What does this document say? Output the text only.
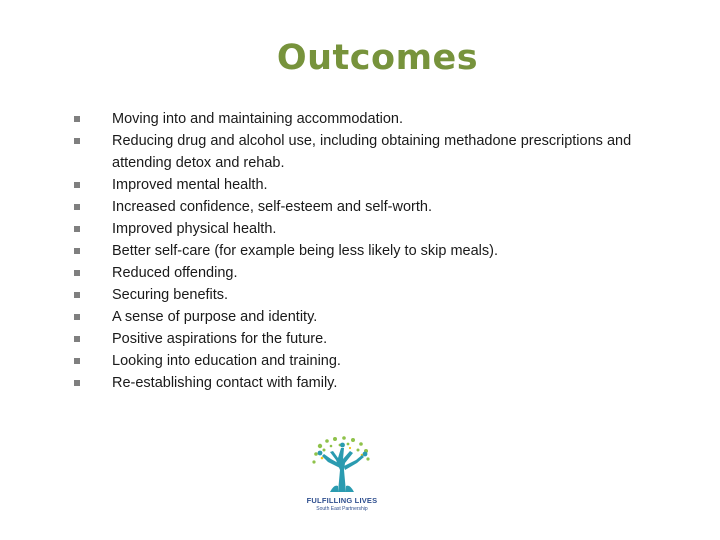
Outcomes
Moving into and maintaining accommodation.
Reducing drug and alcohol use, including obtaining methadone prescriptions and attending detox and rehab.
Improved mental health.
Increased confidence, self-esteem and self-worth.
Improved physical health.
Better self-care (for example being less likely to skip meals).
Reduced offending.
Securing benefits.
A sense of purpose and identity.
Positive aspirations for the future.
Looking into education and training.
Re-establishing contact with family.
FULFILLING LIVES
South East Partnership
